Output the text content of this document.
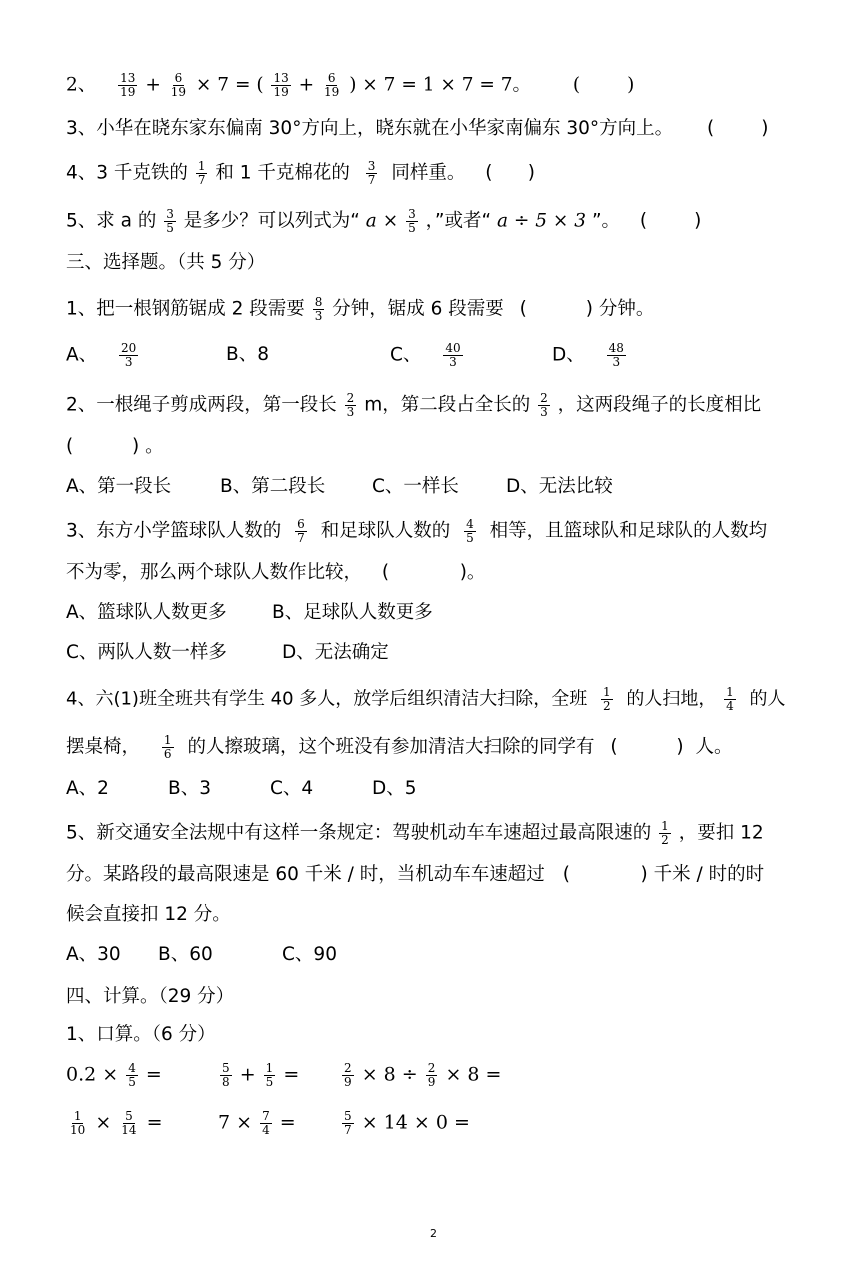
2、 $\frac{13}{19} + \frac{6}{19} \times 7$ = ( $\frac{13}{19} + \frac{6}{19}$ ) × 7 = 1 × 7 = 7。 (        )
3、小华在晓东家东偏南 30°方向上，晓东就在小华家南偏东 30°方向上。 (        )
4、3 千克铁的 $\frac{1}{7}$ 和 1 千克棉花的 $\frac{3}{7}$ 同样重。 (      )
5、求 a 的 $\frac{3}{5}$ 是多少？可以列式为“ $a \times \frac{3}{5}$ ，”或者“ a ÷ 5 × 3 ”。 (        )
三、选择题。（共 5 分）
1、把一根钢筋锯成 2 段需要 $\frac{8}{3}$ 分钟，锯成 6 段需要 (          ) 分钟。
A、 $\frac{20}{3}$	B、8	C、 $\frac{40}{3}$	D、 $\frac{48}{3}$
2、一根绳子剪成两段，第一段长 $\frac{2}{3}$ m，第二段占全长的 $\frac{2}{3}$ ，这两段绳子的长度相比
(          ) 。
A、第一段长	B、第二段长	C、一样长	D、无法比较
3、东方小学篮球队人数的 $\frac{6}{7}$ 和足球队人数的 $\frac{4}{5}$ 相等，且篮球队和足球队的人数均
不为零，那么两个球队人数作比较， (            )。
A、篮球队人数更多 B、足球队人数更多
C、两队人数一样多	D、无法确定
4、六(1)班全班共有学生 40 多人，放学后组织清洁大扫除，全班 $\frac{1}{2}$ 的人扫地， $\frac{1}{4}$ 的人
摆桌椅， $\frac{1}{6}$ 的人擦玻璃，这个班没有参加清洁大扫除的同学有 (          ) 人。
A、2	B、3	C、4	D、5
5、新交通安全法规中有这样一条规定：驾驶机动车车速超过最高限速的 $\frac{1}{2}$ ，要扣 12
分。某路段的最高限速是 60 千米 / 时，当机动车车速超过 (            ) 千米 / 时的时
候会直接扣 12 分。
A、30 B、60	C、90
四、计算。（29 分）
1、口算。（6 分）
$0.2 \times \frac{4}{5}$ =	$\frac{5}{8} + \frac{1}{5}$ =	$\frac{2}{9} \times 8 \div \frac{2}{9} \times 8$ =
$\frac{1}{10} \times \frac{5}{14}$ =	$7 \times \frac{7}{4}$ =	$\frac{5}{7} \times 14 \times 0$ =
2
